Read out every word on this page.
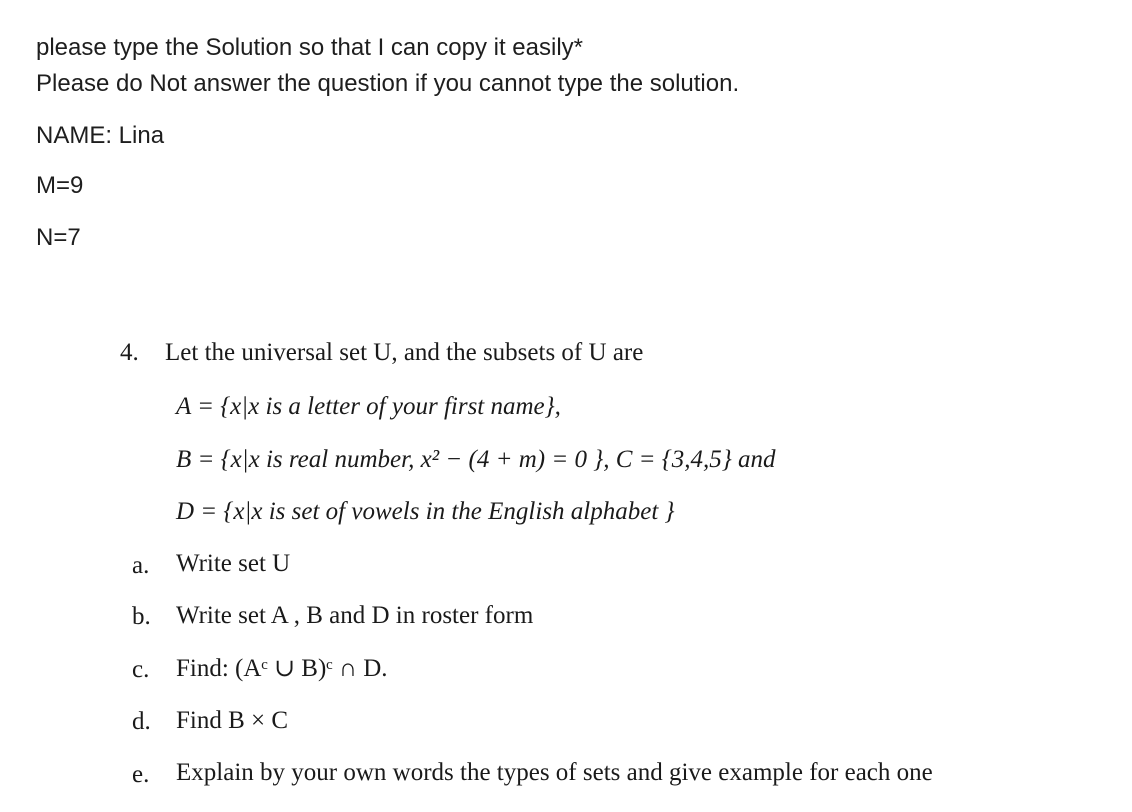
please type the Solution so that I can copy it easily*
Please do Not answer the question if you cannot type the solution.
NAME: Lina
M=9
N=7
4. Let the universal set U, and the subsets of U are
A = {x|x is a letter of your first name},
B = {x|x is real number, x² − (4 + m) = 0 }, C = {3,4,5} and
D = {x|x is set of vowels in the English alphabet }
a. Write set U
b. Write set A , B and D in roster form
c. Find: (Aᶜ ∪ B)ᶜ ∩ D.
d. Find B × C
e. Explain by your own words the types of sets and give example for each one
